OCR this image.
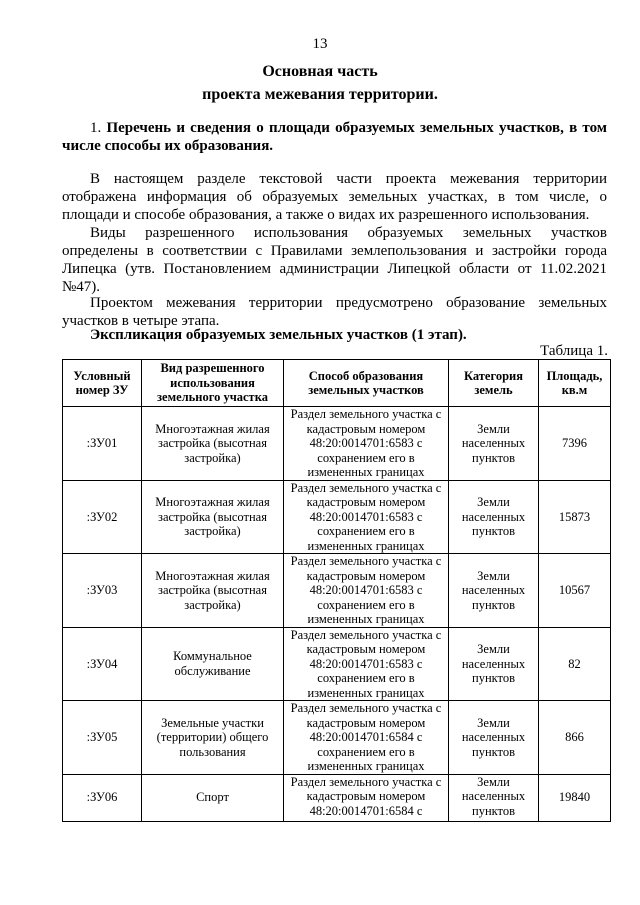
13
Основная часть
проекта межевания территории.
1. Перечень и сведения о площади образуемых земельных участков, в том числе способы их образования.
В настоящем разделе текстовой части проекта межевания территории отображена информация об образуемых земельных участках, в том числе, о площади и способе образования, а также о видах их разрешенного использования.
Виды разрешенного использования образуемых земельных участков определены в соответствии с Правилами землепользования и застройки города Липецка (утв. Постановлением администрации Липецкой области от 11.02.2021 №47).
Проектом межевания территории предусмотрено образование земельных участков в четыре этапа.
Экспликация образуемых земельных участков (1 этап).
Таблица 1.
Условный номер ЗУ	Вид разрешенного использования земельного участка	Способ образования земельных участков	Категория земель	Площадь, кв.м
:ЗУ01	Многоэтажная жилая застройка (высотная застройка)	Раздел земельного участка с кадастровым номером 48:20:0014701:6583 с сохранением его в измененных границах	Земли населенных пунктов	7396
:ЗУ02	Многоэтажная жилая застройка (высотная застройка)	Раздел земельного участка с кадастровым номером 48:20:0014701:6583 с сохранением его в измененных границах	Земли населенных пунктов	15873
:ЗУ03	Многоэтажная жилая застройка (высотная застройка)	Раздел земельного участка с кадастровым номером 48:20:0014701:6583 с сохранением его в измененных границах	Земли населенных пунктов	10567
:ЗУ04	Коммунальное обслуживание	Раздел земельного участка с кадастровым номером 48:20:0014701:6583 с сохранением его в измененных границах	Земли населенных пунктов	82
:ЗУ05	Земельные участки (территории) общего пользования	Раздел земельного участка с кадастровым номером 48:20:0014701:6584 с сохранением его в измененных границах	Земли населенных пунктов	866
:ЗУ06	Спорт	Раздел земельного участка с кадастровым номером 48:20:0014701:6584 с	Земли населенных пунктов	19840
